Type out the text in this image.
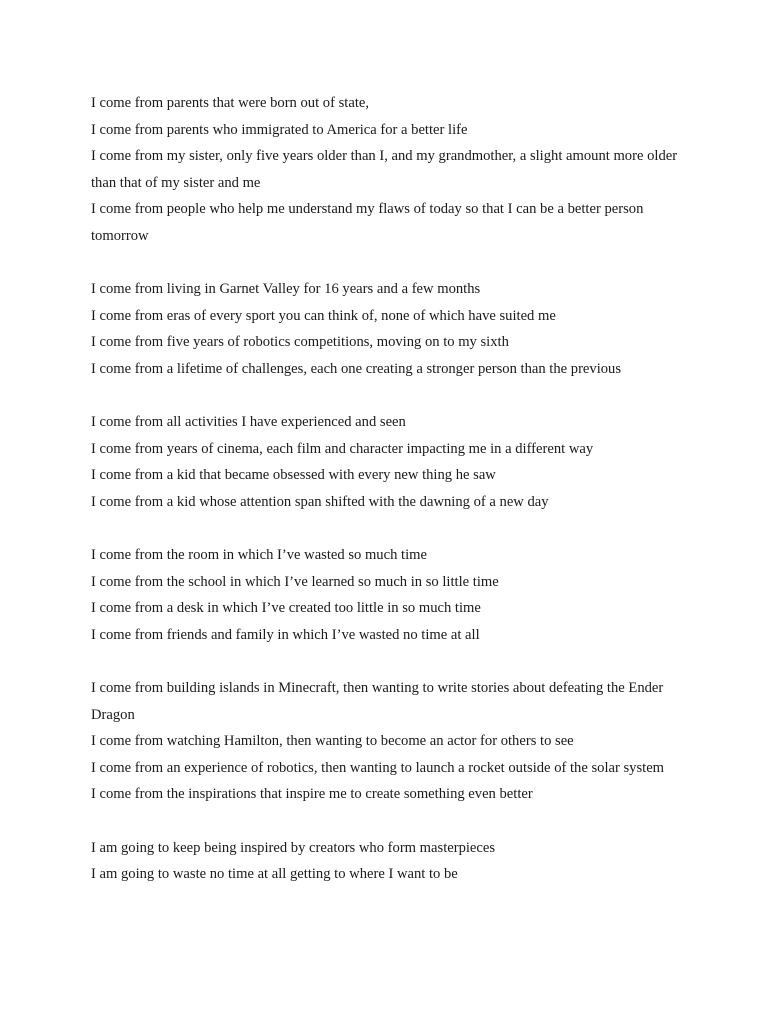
I come from parents that were born out of state,

I come from parents who immigrated to America for a better life

I come from my sister, only five years older than I, and my grandmother, a slight amount more older than that of my sister and me

I come from people who help me understand my flaws of today so that I can be a better person tomorrow

I come from living in Garnet Valley for 16 years and a few months

I come from eras of every sport you can think of, none of which have suited me

I come from five years of robotics competitions, moving on to my sixth

I come from a lifetime of challenges, each one creating a stronger person than the previous

I come from all activities I have experienced and seen

I come from years of cinema, each film and character impacting me in a different way

I come from a kid that became obsessed with every new thing he saw

I come from a kid whose attention span shifted with the dawning of a new day

I come from the room in which I’ve wasted so much time

I come from the school in which I’ve learned so much in so little time

I come from a desk in which I’ve created too little in so much time

I come from friends and family in which I’ve wasted no time at all

I come from building islands in Minecraft, then wanting to write stories about defeating the Ender Dragon

I come from watching Hamilton, then wanting to become an actor for others to see

I come from an experience of robotics, then wanting to launch a rocket outside of the solar system

I come from the inspirations that inspire me to create something even better

I am going to keep being inspired by creators who form masterpieces

I am going to waste no time at all getting to where I want to be
